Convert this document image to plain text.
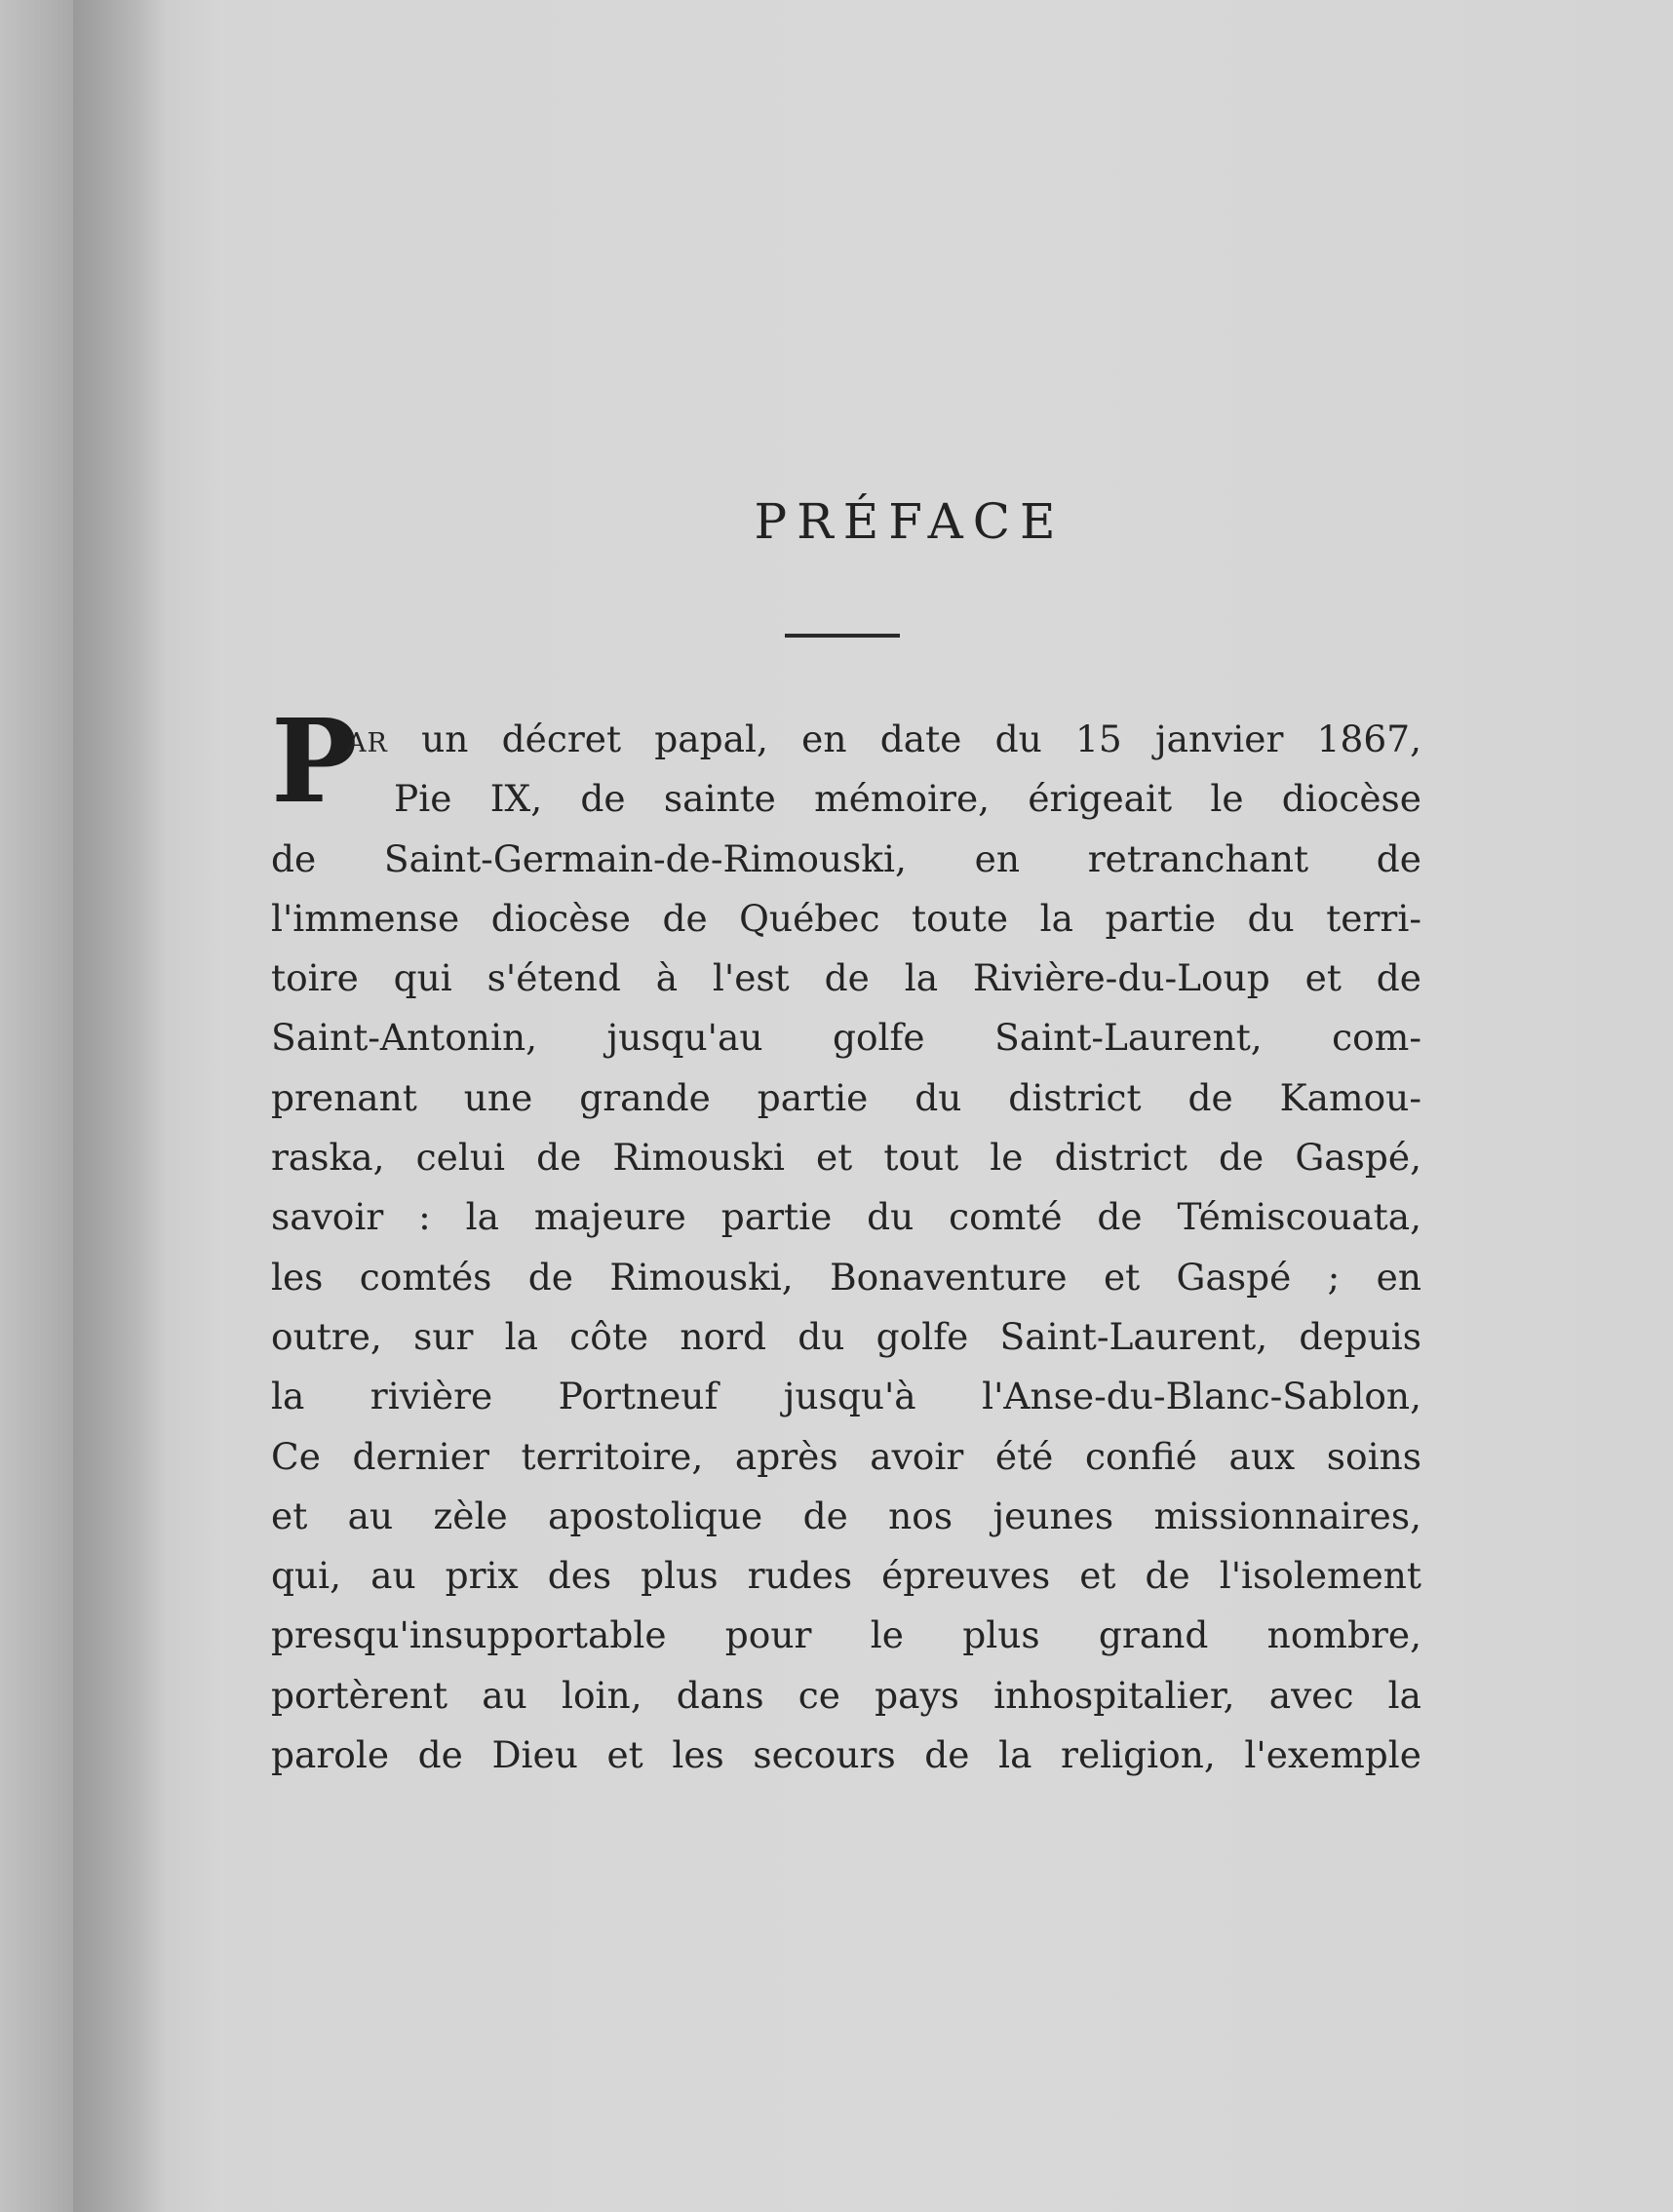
PRÉFACE
P
AR un décret papal, en date du 15 janvier 1867,
Pie IX, de sainte mémoire, érigeait le diocèse
de Saint-Germain-de-Rimouski, en retranchant de
l'immense diocèse de Québec toute la partie du terri-
toire qui s'étend à l'est de la Rivière-du-Loup et de
Saint-Antonin, jusqu'au golfe Saint-Laurent, com-
prenant une grande partie du district de Kamou-
raska, celui de Rimouski et tout le district de Gaspé,
savoir : la majeure partie du comté de Témiscouata,
les comtés de Rimouski, Bonaventure et Gaspé ; en
outre, sur la côte nord du golfe Saint-Laurent, depuis
la rivière Portneuf jusqu'à l'Anse-du-Blanc-Sablon,
Ce dernier territoire, après avoir été confié aux soins
et au zèle apostolique de nos jeunes missionnaires,
qui, au prix des plus rudes épreuves et de l'isolement
presqu'insupportable pour le plus grand nombre,
portèrent au loin, dans ce pays inhospitalier, avec la
parole de Dieu et les secours de la religion, l'exemple
